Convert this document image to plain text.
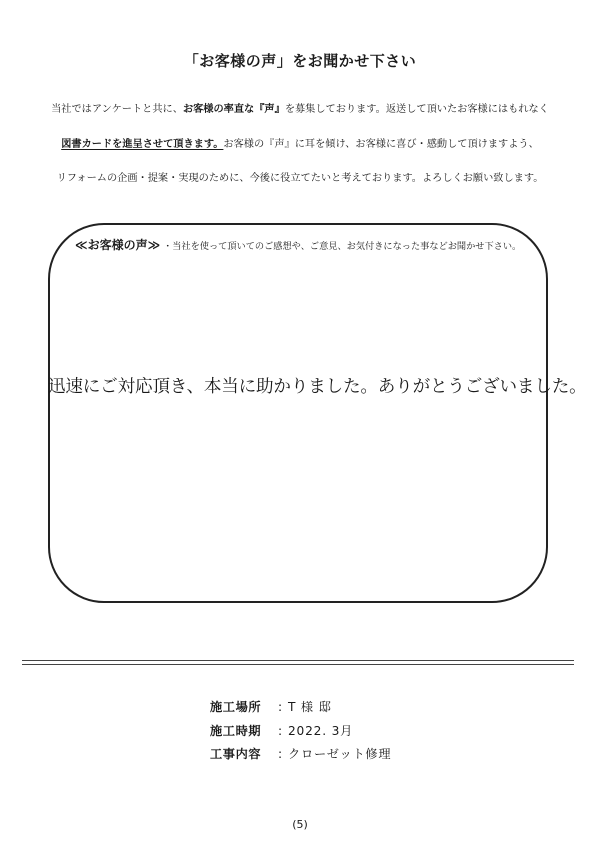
「お客様の声」をお聞かせ下さい
当社ではアンケートと共に、お客様の率直な『声』を募集しております。返送して頂いたお客様にはもれなく
図書カードを進呈させて頂きます。お客様の『声』に耳を傾け、お客様に喜び・感動して頂けますよう、
リフォームの企画・提案・実現のために、今後に役立てたいと考えております。よろしくお願い致します。
≪お客様の声≫ ・当社を使って頂いてのご感想や、ご意見、お気付きになった事などお聞かせ下さい。
迅速にご対応頂き、本当に助かりました。ありがとうございました。
施工場所 : T 様 邸
施工時期 : 2022. 3月
工事内容 : クローゼット修理
(5)
